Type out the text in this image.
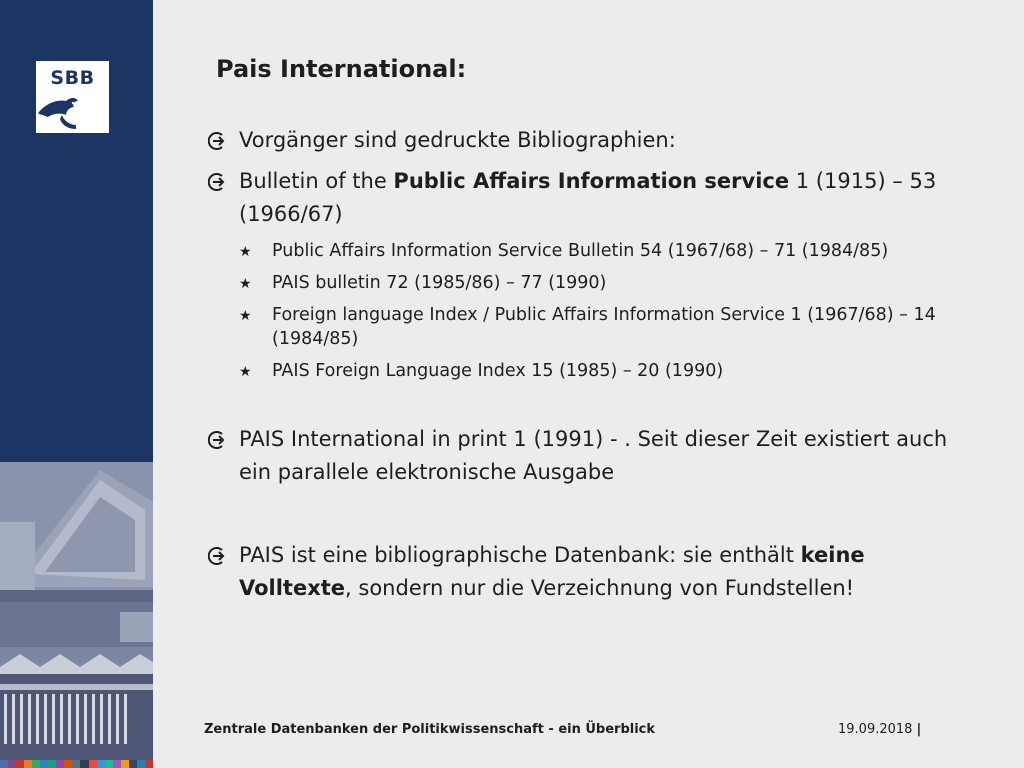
SBB	Pais International:
Vorgänger sind gedruckte Bibliographien:
Bulletin of the Public Affairs Information service 1 (1915) – 53 (1966/67)
★ Public Affairs Information Service Bulletin 54 (1967/68) – 71 (1984/85)
★ PAIS bulletin 72 (1985/86) – 77 (1990)
★ Foreign language Index / Public Affairs Information Service 1 (1967/68) – 14 (1984/85)
★ PAIS Foreign Language Index 15 (1985) – 20 (1990)
PAIS International in print 1 (1991) - . Seit dieser Zeit existiert auch ein parallele elektronische Ausgabe
PAIS ist eine bibliographische Datenbank: sie enthält keine Volltexte, sondern nur die Verzeichnung von Fundstellen!
Zentrale Datenbanken der Politikwissenschaft - ein Überblick	19.09.2018 |
